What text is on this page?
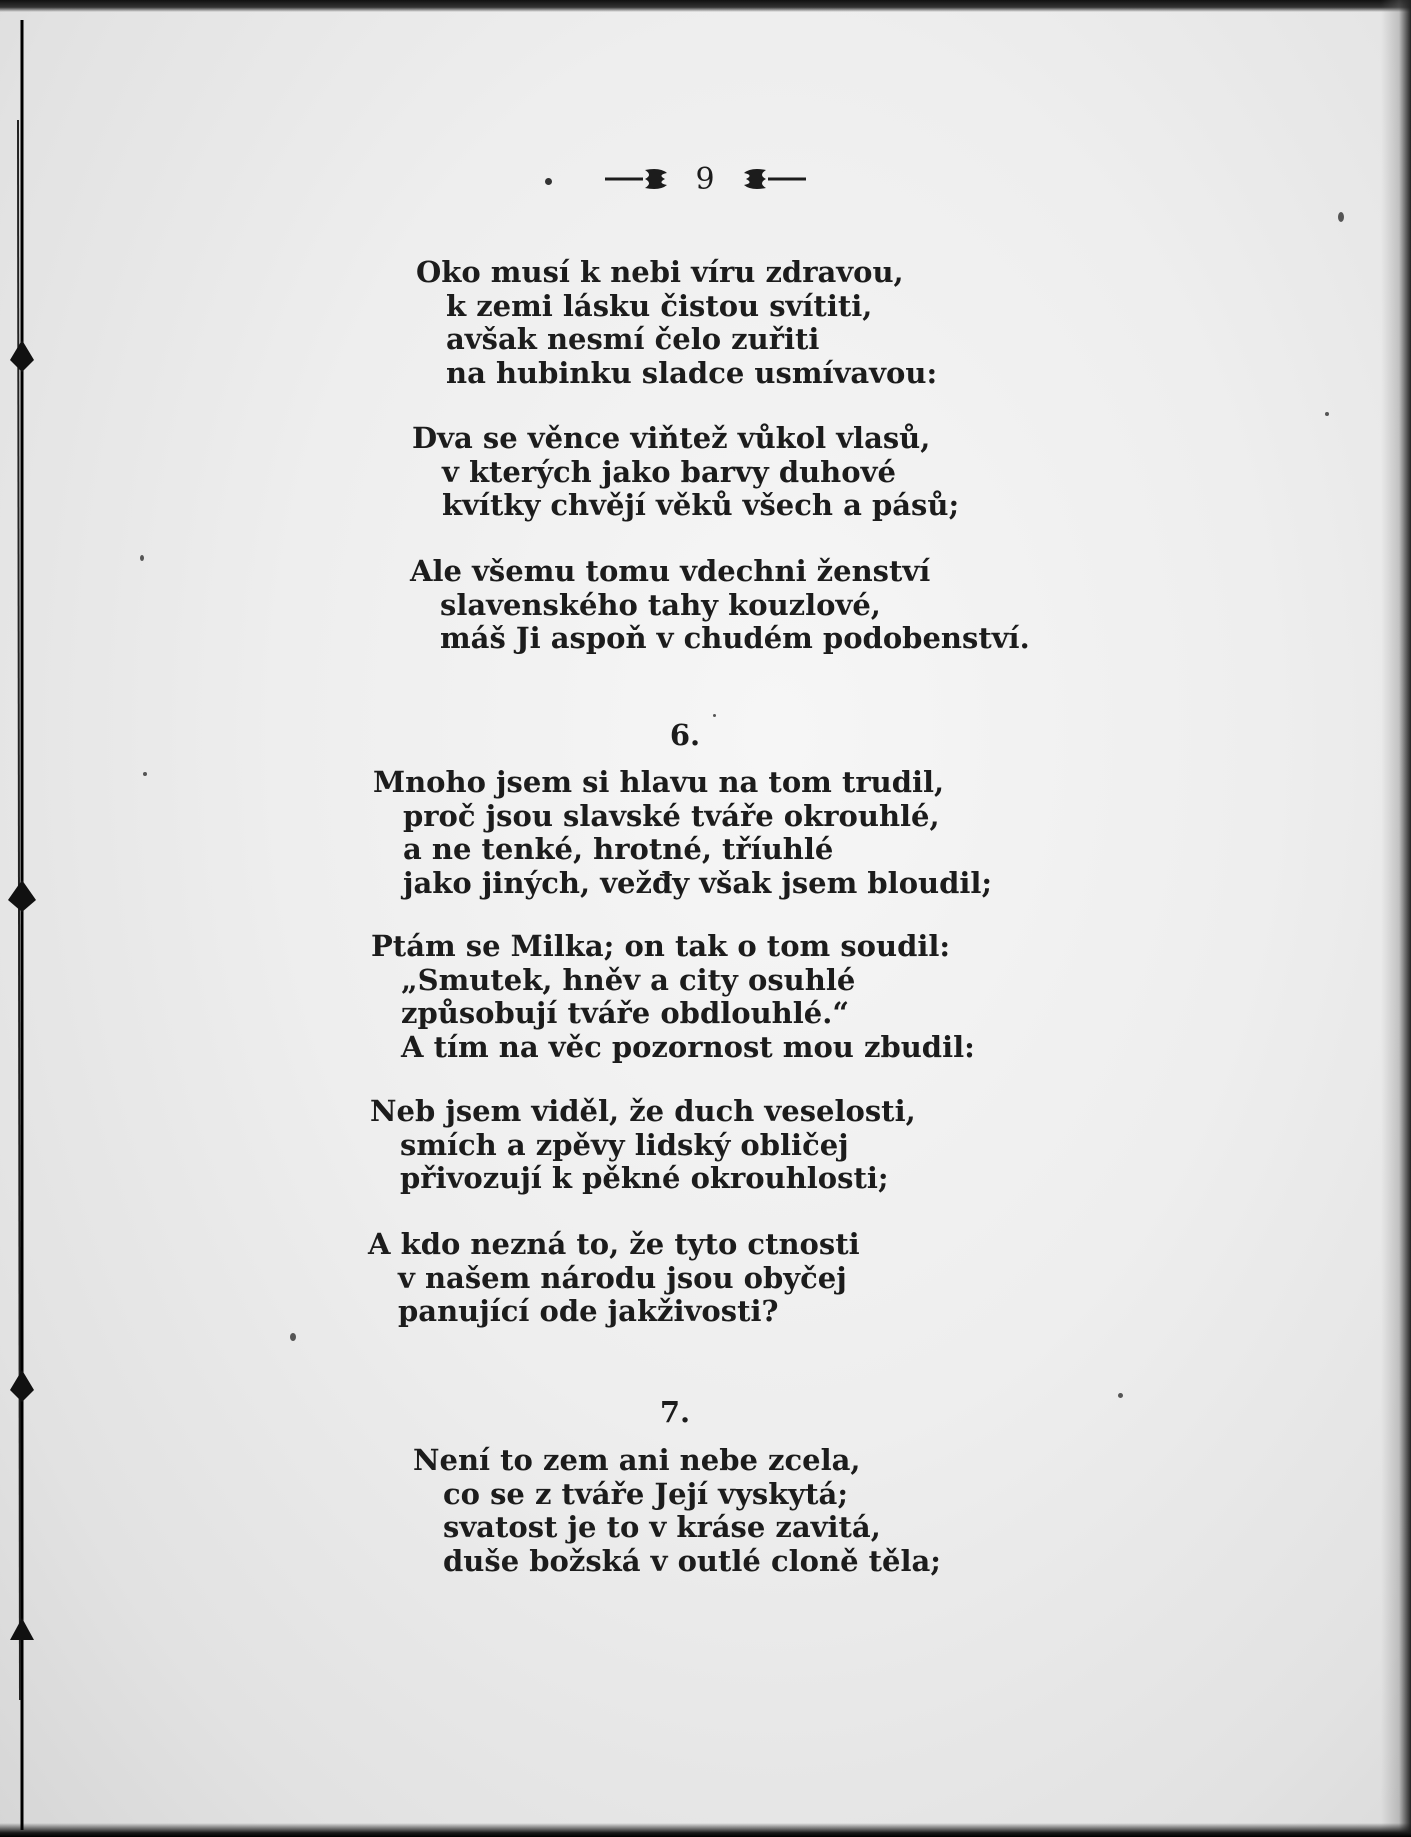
9
Oko musí k nebi víru zdravou,
k zemi lásku čistou svítiti,
avšak nesmí čelo zuřiti
na hubinku sladce usmívavou:
Dva se věnce viňtež vůkol vlasů,
v kterých jako barvy duhové
kvítky chvějí věků všech a pásů;
Ale všemu tomu vdechni ženství
slavenského tahy kouzlové,
máš Ji aspoň v chudém podobenství.
6.
Mnoho jsem si hlavu na tom trudil,
proč jsou slavské tváře okrouhlé,
a ne tenké, hrotné, tříuhlé
jako jiných, vežđy však jsem bloudil;
Ptám se Milka; on tak o tom soudil:
„Smutek, hněv a city osuhlé
způsobují tváře obdlouhlé.“
A tím na věc pozornost mou zbudil:
Neb jsem viděl, že duch veselosti,
smích a zpěvy lidský obličej
přivozují k pěkné okrouhlosti;
A kdo nezná to, že tyto ctnosti
v našem národu jsou obyčej
panující ode jakživosti?
7.
Není to zem ani nebe zcela,
co se z tváře Její vyskytá;
svatost je to v kráse zavitá,
duše božská v outlé cloně těla;
